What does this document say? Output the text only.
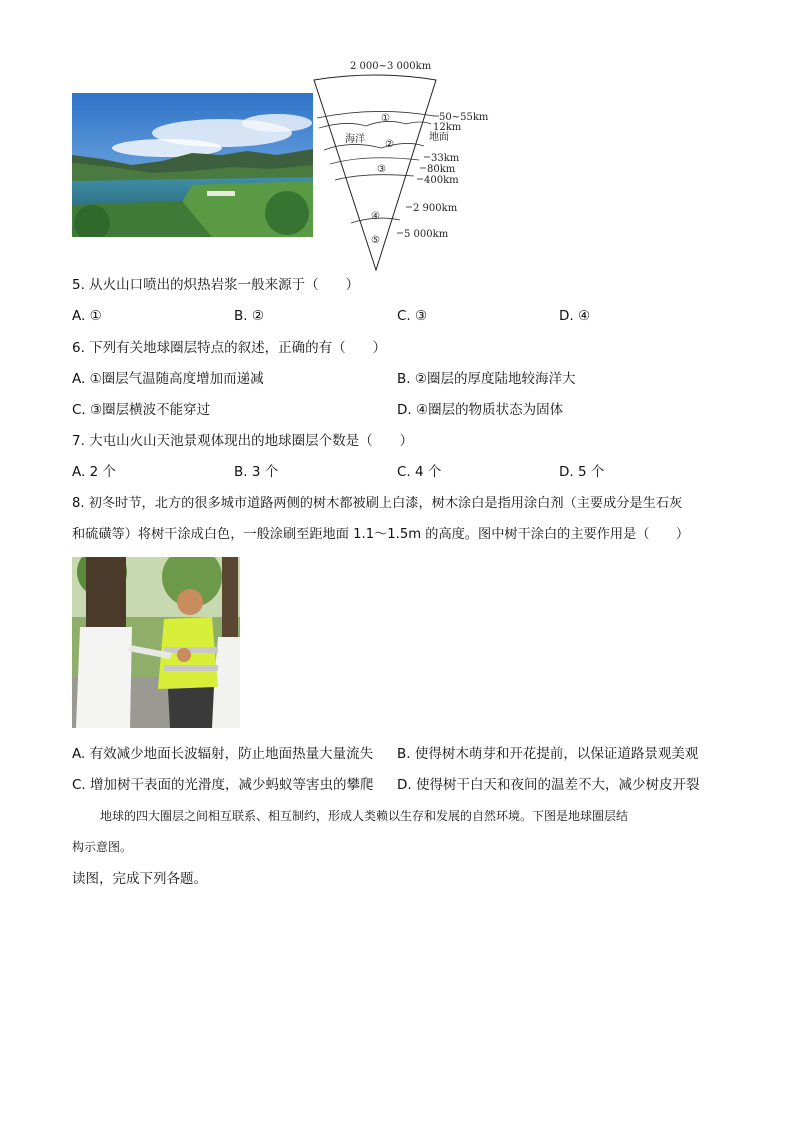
2 000~3 000km
①
②
③
④
⑤
海洋	地面
50~55km
12km
33km
80km
400km
2 900km
5 000km
5. 从火山口喷出的炽热岩浆一般来源于（　　）
A. ①	B. ②	C. ③	D. ④
6. 下列有关地球圈层特点的叙述，正确的有（　　）
A. ①圈层气温随高度增加而递减	B. ②圈层的厚度陆地较海洋大
C. ③圈层横波不能穿过	D. ④圈层的物质状态为固体
7. 大屯山火山天池景观体现出的地球圈层个数是（　　）
A. 2 个	B. 3 个	C. 4 个	D. 5 个
8. 初冬时节，北方的很多城市道路两侧的树木都被刷上白漆，树木涂白是指用涂白剂（主要成分是生石灰
和硫磺等）将树干涂成白色，一般涂刷至距地面 1.1～1.5m 的高度。图中树干涂白的主要作用是（　　）
A. 有效减少地面长波辐射，防止地面热量大量流失 B. 使得树木萌芽和开花提前，以保证道路景观美观
C. 增加树干表面的光滑度，减少蚂蚁等害虫的攀爬 D. 使得树干白天和夜间的温差不大，减少树皮开裂
地球的四大圈层之间相互联系、相互制约，形成人类赖以生存和发展的自然环境。下图是地球圈层结
构示意图。
读图，完成下列各题。
